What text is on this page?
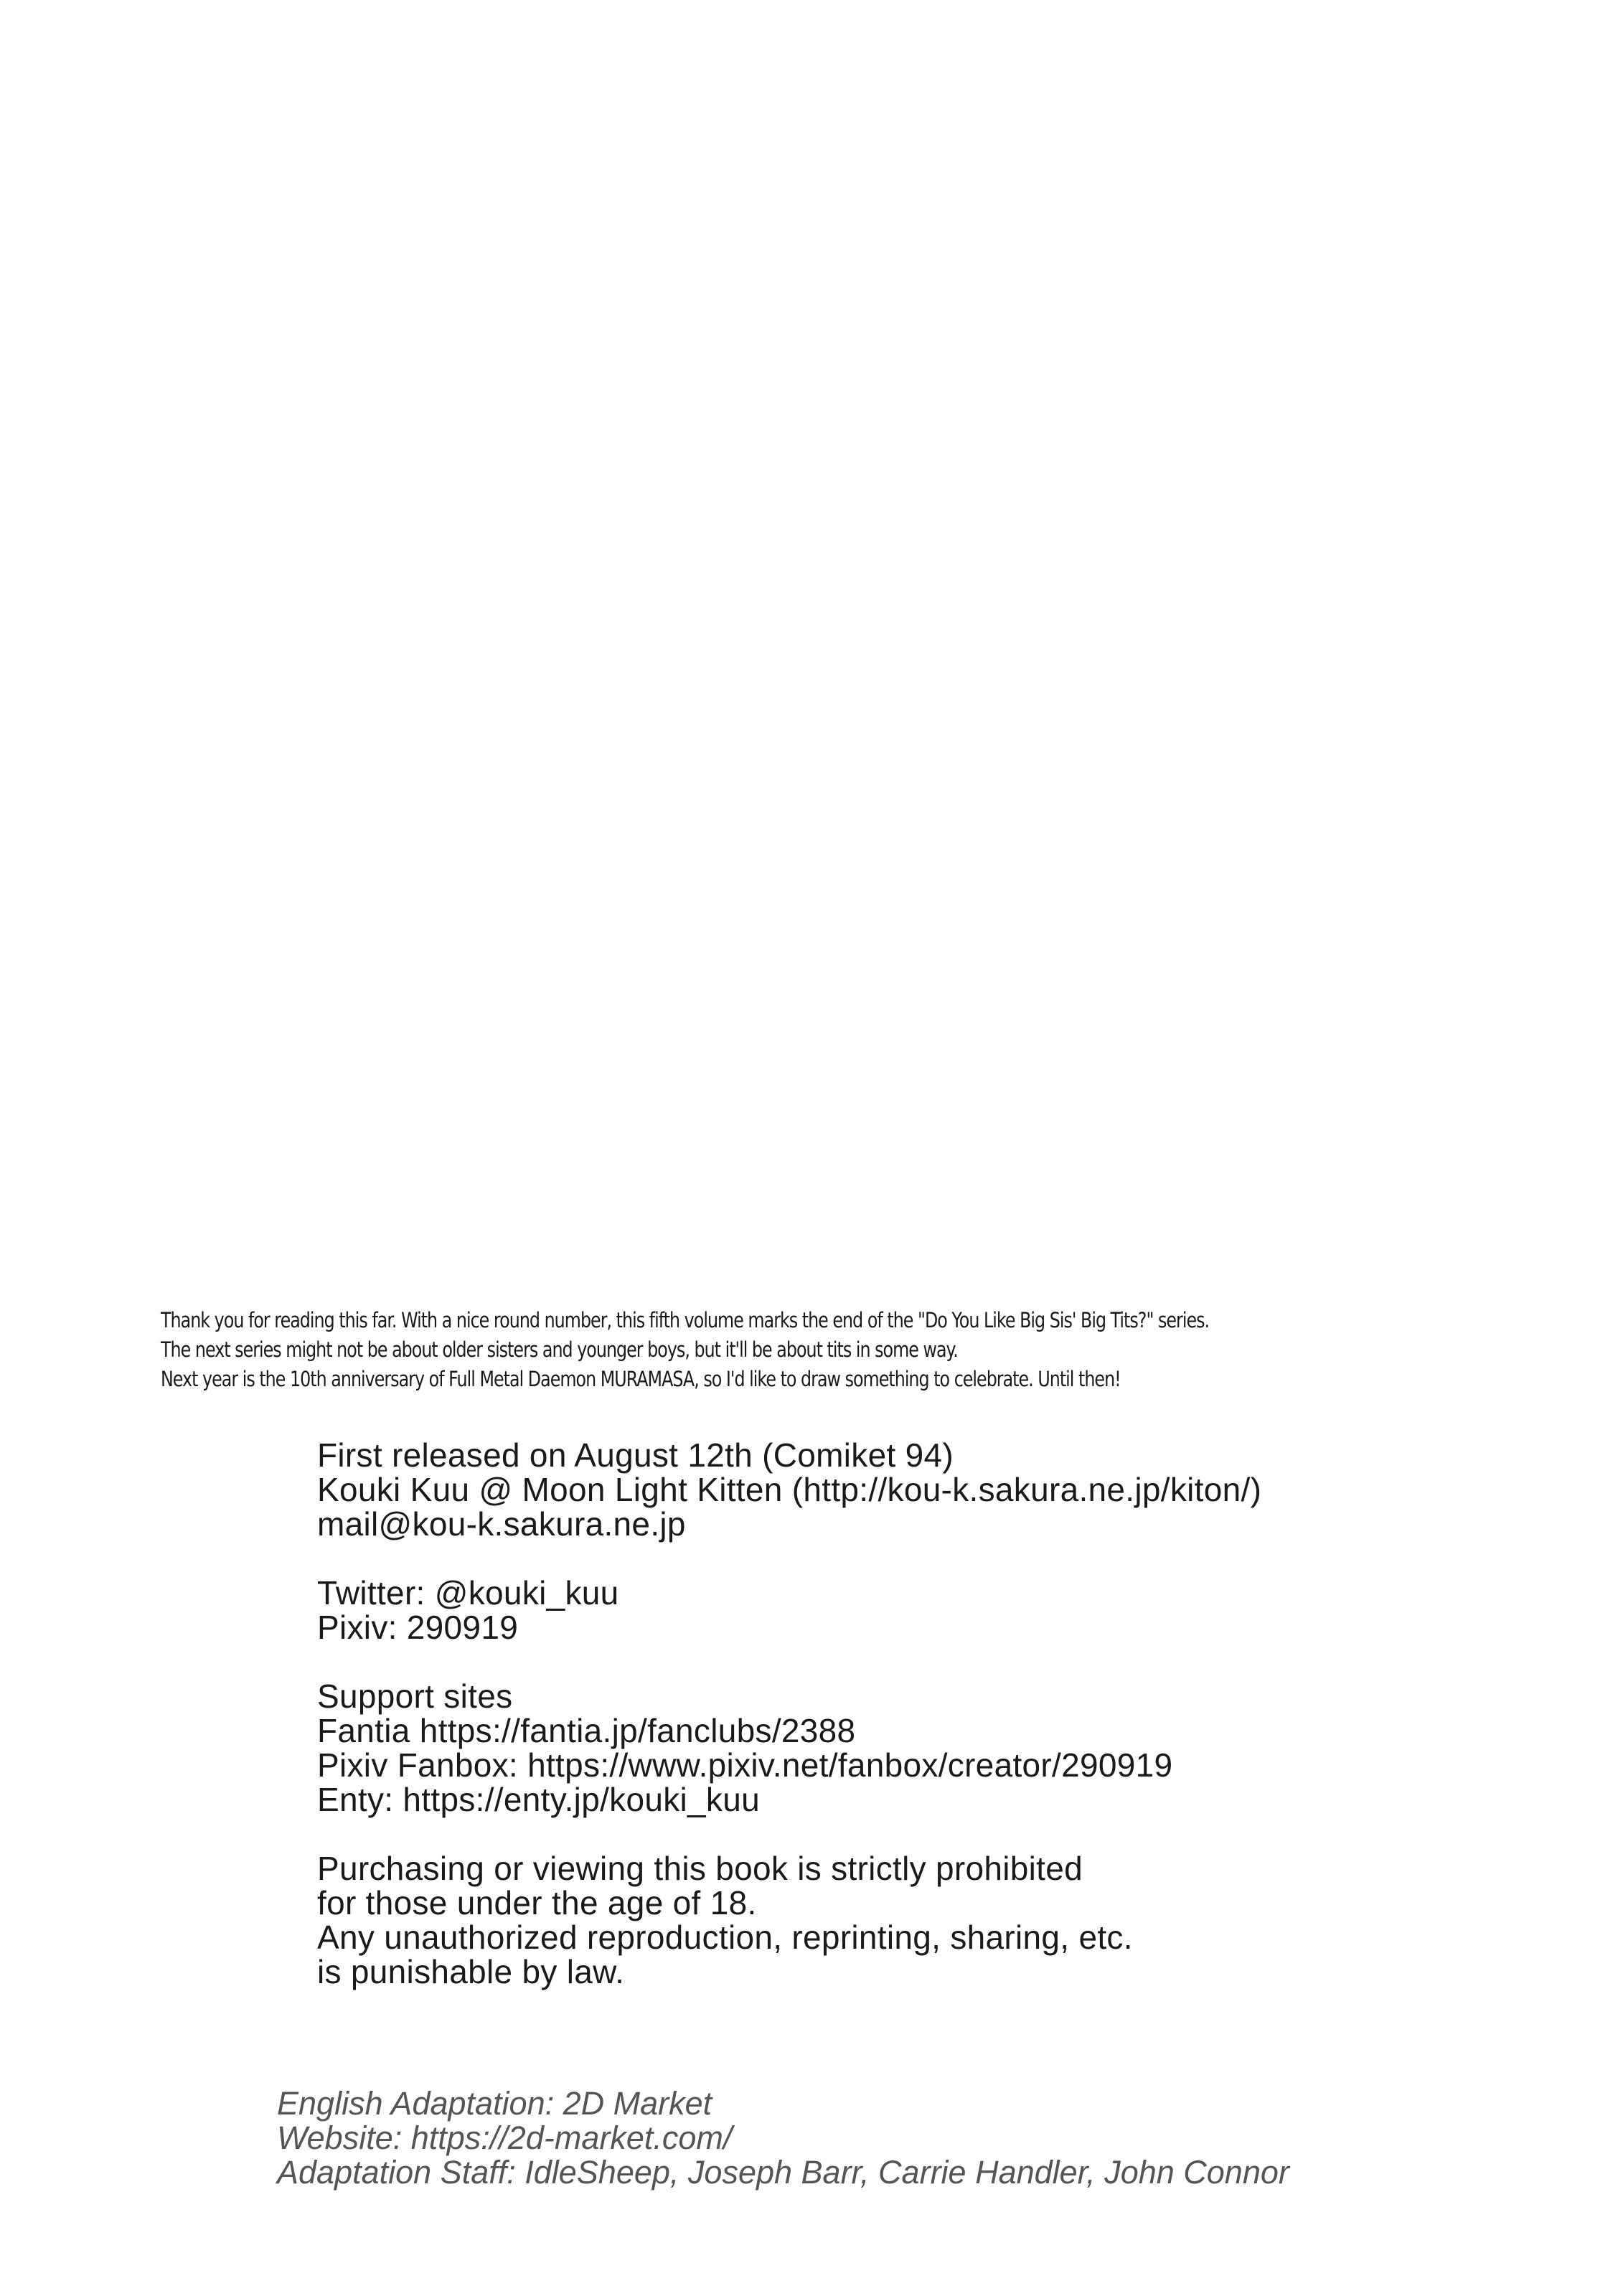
Thank you for reading this far. With a nice round number, this fifth volume marks the end of the "Do You Like Big Sis' Big Tits?" series.
The next series might not be about older sisters and younger boys, but it'll be about tits in some way.
Next year is the 10th anniversary of Full Metal Daemon MURAMASA, so I'd like to draw something to celebrate. Until then!
First released on August 12th (Comiket 94)
Kouki Kuu @ Moon Light Kitten (http://kou-k.sakura.ne.jp/kiton/)
mail@kou-k.sakura.ne.jp
Twitter: @kouki_kuu
Pixiv: 290919
Support sites
Fantia https://fantia.jp/fanclubs/2388
Pixiv Fanbox: https://www.pixiv.net/fanbox/creator/290919
Enty: https://enty.jp/kouki_kuu
Purchasing or viewing this book is strictly prohibited
for those under the age of 18.
Any unauthorized reproduction, reprinting, sharing, etc.
is punishable by law.
English Adaptation: 2D Market
Website: https://2d-market.com/
Adaptation Staff: IdleSheep, Joseph Barr, Carrie Handler, John Connor
